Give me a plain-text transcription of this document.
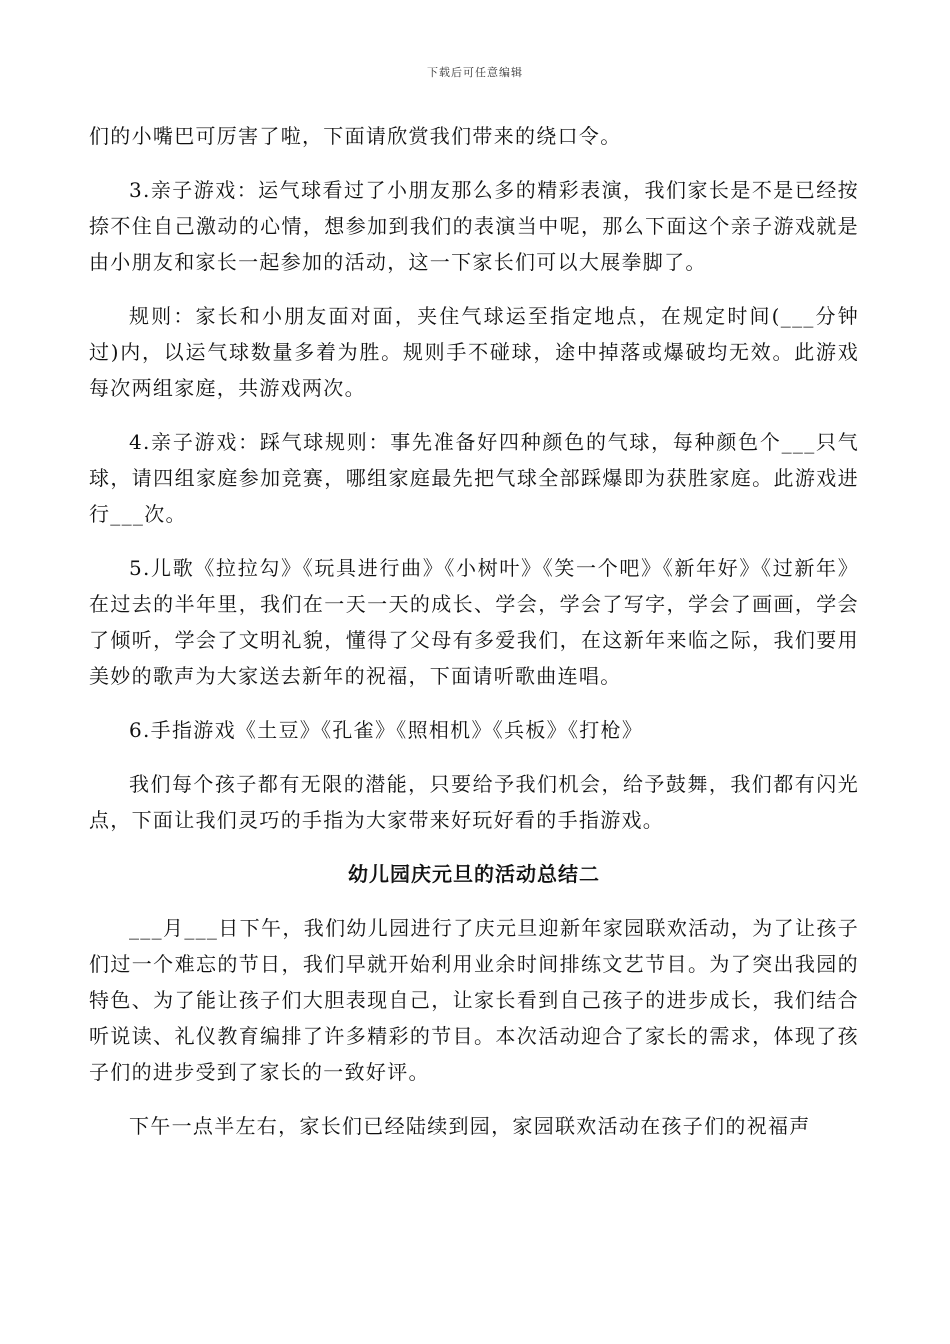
下载后可任意编辑

们的小嘴巴可厉害了啦，下面请欣赏我们带来的绕口令。

3.亲子游戏：运气球看过了小朋友那么多的精彩表演，我们家长是不是已经按捺不住自己激动的心情，想参加到我们的表演当中呢，那么下面这个亲子游戏就是由小朋友和家长一起参加的活动，这一下家长们可以大展拳脚了。

规则：家长和小朋友面对面，夹住气球运至指定地点，在规定时间(___分钟过)内，以运气球数量多着为胜。规则手不碰球，途中掉落或爆破均无效。此游戏每次两组家庭，共游戏两次。

4.亲子游戏：踩气球规则：事先准备好四种颜色的气球，每种颜色个___只气球，请四组家庭参加竞赛，哪组家庭最先把气球全部踩爆即为获胜家庭。此游戏进行___次。

5.儿歌《拉拉勾》《玩具进行曲》《小树叶》《笑一个吧》《新年好》《过新年》在过去的半年里，我们在一天一天的成长、学会，学会了写字，学会了画画，学会了倾听，学会了文明礼貌，懂得了父母有多爱我们，在这新年来临之际，我们要用美妙的歌声为大家送去新年的祝福，下面请听歌曲连唱。

6.手指游戏《土豆》《孔雀》《照相机》《兵板》《打枪》

我们每个孩子都有无限的潜能，只要给予我们机会，给予鼓舞，我们都有闪光点，下面让我们灵巧的手指为大家带来好玩好看的手指游戏。

幼儿园庆元旦的活动总结二

___月___日下午，我们幼儿园进行了庆元旦迎新年家园联欢活动，为了让孩子们过一个难忘的节日，我们早就开始利用业余时间排练文艺节目。为了突出我园的特色、为了能让孩子们大胆表现自己，让家长看到自己孩子的进步成长，我们结合听说读、礼仪教育编排了许多精彩的节目。本次活动迎合了家长的需求，体现了孩子们的进步受到了家长的一致好评。

下午一点半左右，家长们已经陆续到园，家园联欢活动在孩子们的祝福声
